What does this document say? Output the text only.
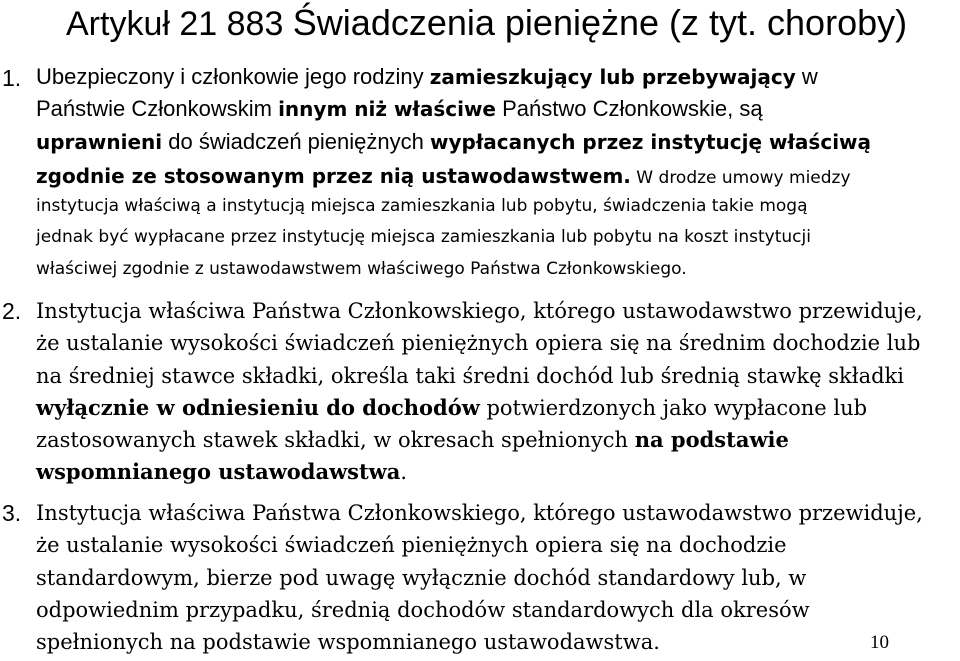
Artykuł 21 883 Świadczenia pieniężne (z tyt. choroby)
1. Ubezpieczony i członkowie jego rodziny zamieszkujący lub przebywający w
Państwie Członkowskim innym niż właściwe Państwo Członkowskie, są
uprawnieni do świadczeń pieniężnych wypłacanych przez instytucję właściwą
zgodnie ze stosowanym przez nią ustawodawstwem. W drodze umowy miedzy
instytucja właściwą a instytucją miejsca zamieszkania lub pobytu, świadczenia takie mogą
jednak być wypłacane przez instytucję miejsca zamieszkania lub pobytu na koszt instytucji
właściwej zgodnie z ustawodawstwem właściwego Państwa Członkowskiego.
2. Instytucja właściwa Państwa Członkowskiego, którego ustawodawstwo przewiduje,
że ustalanie wysokości świadczeń pieniężnych opiera się na średnim dochodzie lub
na średniej stawce składki, określa taki średni dochód lub średnią stawkę składki
wyłącznie w odniesieniu do dochodów potwierdzonych jako wypłacone lub
zastosowanych stawek składki, w okresach spełnionych na podstawie
wspomnianego ustawodawstwa.
3. Instytucja właściwa Państwa Członkowskiego, którego ustawodawstwo przewiduje,
że ustalanie wysokości świadczeń pieniężnych opiera się na dochodzie
standardowym, bierze pod uwagę wyłącznie dochód standardowy lub, w
odpowiednim przypadku, średnią dochodów standardowych dla okresów
spełnionych na podstawie wspomnianego ustawodawstwa.	10
